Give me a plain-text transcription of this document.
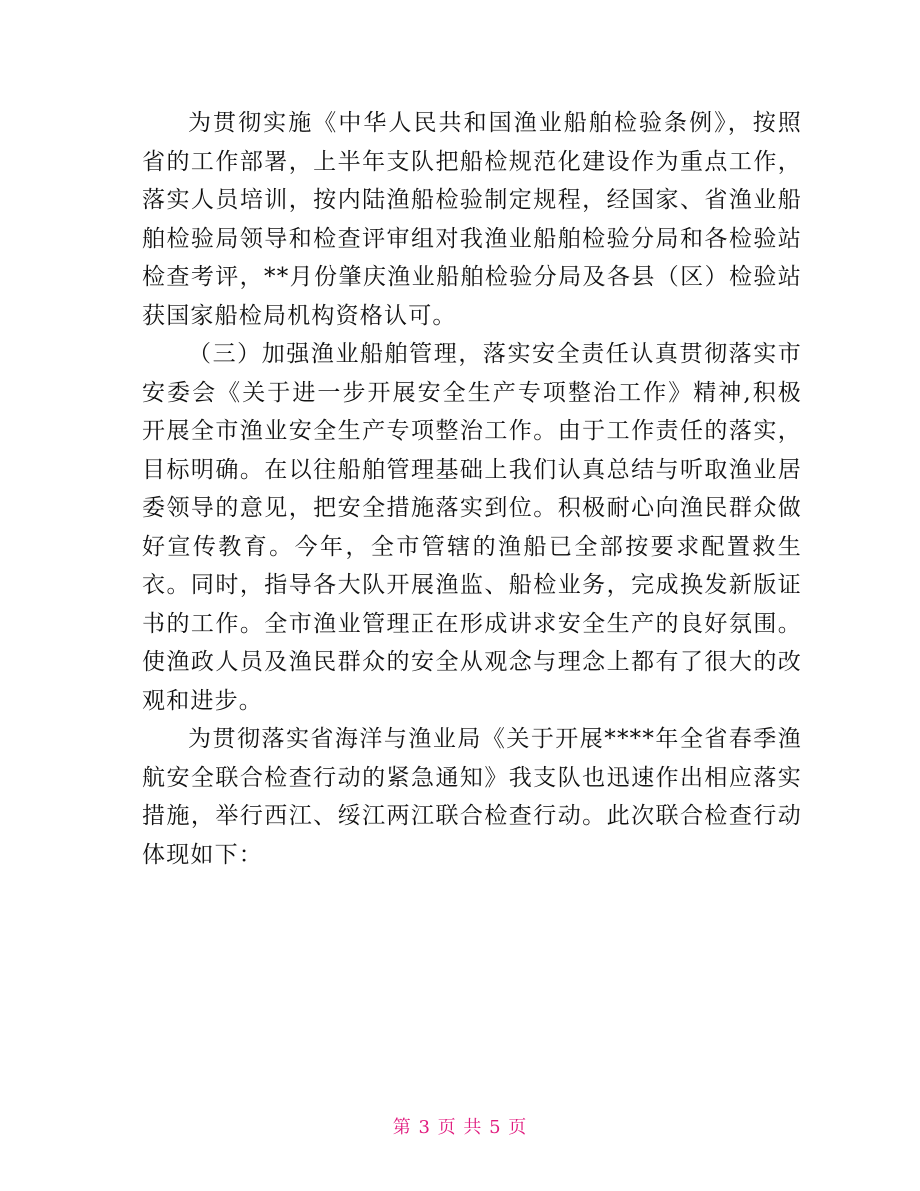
为贯彻实施《中华人民共和国渔业船舶检验条例》，按照省的工作部署，上半年支队把船检规范化建设作为重点工作，落实人员培训，按内陆渔船检验制定规程，经国家、省渔业船舶检验局领导和检查评审组对我渔业船舶检验分局和各检验站检查考评，**月份肇庆渔业船舶检验分局及各县（区）检验站获国家船检局机构资格认可。

（三）加强渔业船舶管理，落实安全责任认真贯彻落实市安委会《关于进一步开展安全生产专项整治工作》精神,积极开展全市渔业安全生产专项整治工作。由于工作责任的落实，目标明确。在以往船舶管理基础上我们认真总结与听取渔业居委领导的意见，把安全措施落实到位。积极耐心向渔民群众做好宣传教育。今年，全市管辖的渔船已全部按要求配置救生衣。同时，指导各大队开展渔监、船检业务，完成换发新版证书的工作。全市渔业管理正在形成讲求安全生产的良好氛围。使渔政人员及渔民群众的安全从观念与理念上都有了很大的改观和进步。

为贯彻落实省海洋与渔业局《关于开展****年全省春季渔航安全联合检查行动的紧急通知》我支队也迅速作出相应落实措施，举行西江、绥江两江联合检查行动。此次联合检查行动体现如下：

第 3 页 共 5 页
